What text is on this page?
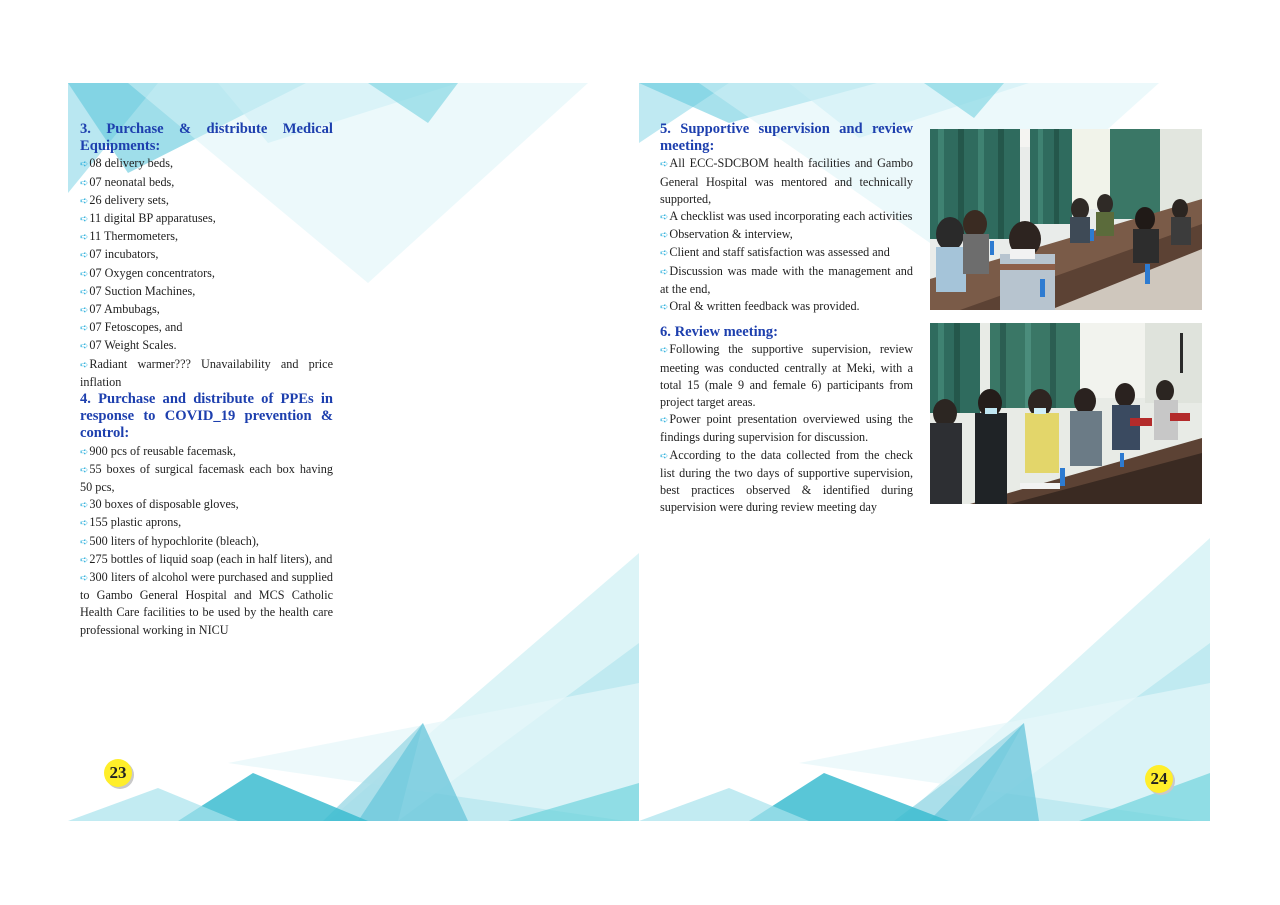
3. Purchase & distribute Medical Equipments:
➪08 delivery beds,
➪07 neonatal beds,
➪26 delivery sets,
➪11 digital BP apparatuses,
➪11 Thermometers,
➪07 incubators,
➪07 Oxygen concentrators,
➪07 Suction Machines,
➪07 Ambubags,
➪07 Fetoscopes, and
➪07 Weight Scales.
➪Radiant warmer??? Unavailability and price inflation
4. Purchase and distribute of PPEs in response to COVID_19 prevention & control:
➪900 pcs of reusable facemask,
➪55 boxes of surgical facemask each box having 50 pcs,
➪30 boxes of disposable gloves,
➪155 plastic aprons,
➪500 liters of hypochlorite (bleach),
➪275 bottles of liquid soap (each in half liters), and
➪300 liters of alcohol were purchased and supplied to Gambo General Hospital and MCS Catholic Health Care facilities to be used by the health care professional working in NICU
23
5. Supportive supervision and review meeting:
➪All ECC-SDCBOM health facilities and Gambo General Hospital was mentored and technically supported,
➪A checklist was used incorporating each activities
➪Observation & interview,
➪Client and staff satisfaction was assessed and
➪Discussion was made with the management and at the end,
➪Oral & written feedback was provided.
6. Review meeting:
➪Following the supportive supervision, review meeting was conducted centrally at Meki, with a total 15 (male 9 and female 6) participants from project target areas.
➪Power point presentation overviewed using the findings during supervision for discussion.
➪According to the data collected from the check list during the two days of supportive supervision, best practices observed & identified during supervision were during review meeting day
24
